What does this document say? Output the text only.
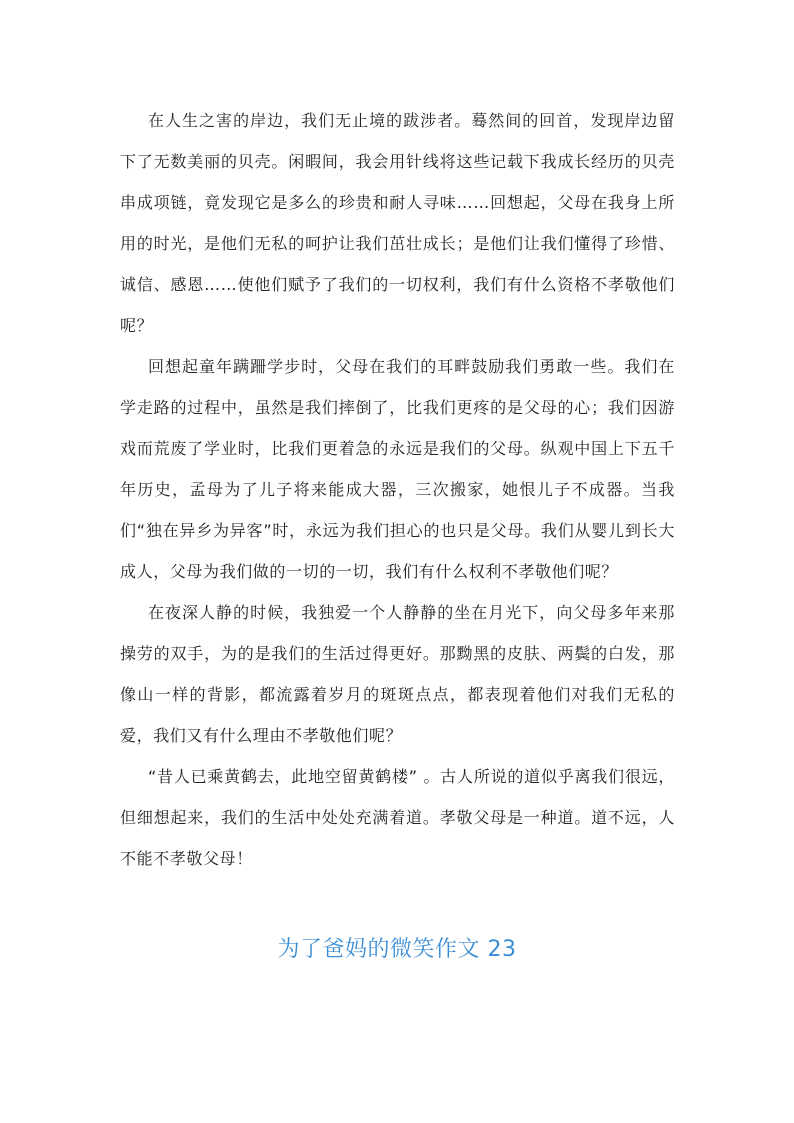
在人生之害的岸边，我们无止境的跋涉者。蓦然间的回首，发现岸边留下了无数美丽的贝壳。闲暇间，我会用针线将这些记载下我成长经历的贝壳串成项链，竟发现它是多么的珍贵和耐人寻味……回想起，父母在我身上所用的时光，是他们无私的呵护让我们茁壮成长；是他们让我们懂得了珍惜、诚信、感恩……使他们赋予了我们的一切权利，我们有什么资格不孝敬他们呢？

回想起童年蹒跚学步时，父母在我们的耳畔鼓励我们勇敢一些。我们在学走路的过程中，虽然是我们摔倒了，比我们更疼的是父母的心；我们因游戏而荒废了学业时，比我们更着急的永远是我们的父母。纵观中国上下五千年历史，孟母为了儿子将来能成大器，三次搬家，她恨儿子不成器。当我们“独在异乡为异客”时，永远为我们担心的也只是父母。我们从婴儿到长大成人，父母为我们做的一切的一切，我们有什么权利不孝敬他们呢？

在夜深人静的时候，我独爱一个人静静的坐在月光下，向父母多年来那操劳的双手，为的是我们的生活过得更好。那黝黑的皮肤、两鬓的白发，那像山一样的背影，都流露着岁月的斑斑点点，都表现着他们对我们无私的爱，我们又有什么理由不孝敬他们呢？

“昔人已乘黄鹤去，此地空留黄鹤楼” 。古人所说的道似乎离我们很远，但细想起来，我们的生活中处处充满着道。孝敬父母是一种道。道不远，人不能不孝敬父母！

为了爸妈的微笑作文 23
